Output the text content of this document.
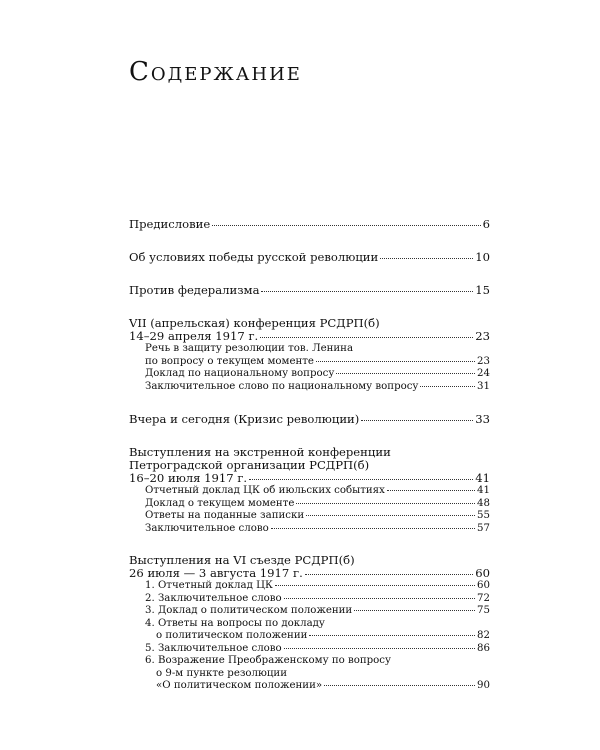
Содержание
Предисловие	6
Об условиях победы русской революции	10
Против федерализма	15
VII (апрельская) конференция РСДРП(б)
14–29 апреля 1917 г.	23
Речь в защиту резолюции тов. Ленина
по вопросу о текущем моменте	23
Доклад по национальному вопросу	24
Заключительное слово по национальному вопросу	31
Вчера и сегодня (Кризис революции)	33
Выступления на экстренной конференции
Петроградской организации РСДРП(б)
16–20 июля 1917 г.	41
Отчетный доклад ЦК об июльских событиях	41
Доклад о текущем моменте	48
Ответы на поданные записки	55
Заключительное слово	57
Выступления на VI съезде РСДРП(б)
26 июля — 3 августа 1917 г.	60
1. Отчетный доклад ЦК	60
2. Заключительное слово	72
3. Доклад о политическом положении	75
4. Ответы на вопросы по докладу
о политическом положении	82
5. Заключительное слово	86
6. Возражение Преображенскому по вопросу
о 9-м пункте резолюции
«О политическом положении»	90
